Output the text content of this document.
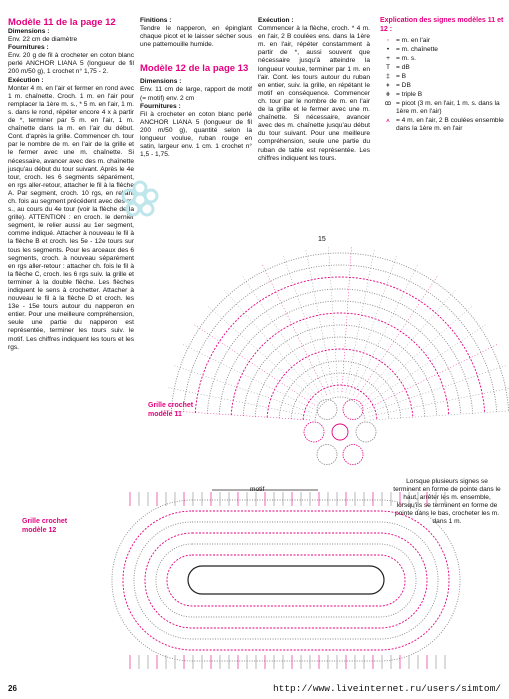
Modèle 11 de la page 12

Dimensions :

Env. 22 cm de diamètre

Fournitures :

Env. 20 g de fil à crocheter en coton blanc perlé ANCHOR LIANA 5 (longueur de fil 200 m/50 g), 1 crochet n° 1,75 - 2.

Exécution :

Monter 4 m. en l'air et fermer en rond avec 1 m. chaînette. Croch. 1 m. en l'air pour remplacer la 1ère m. s., * 5 m. en l'air, 1 m. s. dans le rond, répéter encore 4 x à partir de *, terminer par 5 m. en l'air, 1 m. chaînette dans la m. en l'air du début. Cont. d'après la grille. Commencer ch. tour par le nombre de m. en l'air de la grille et le fermer avec une m. chaînette. Si nécessaire, avancer avec des m. chaînette jusqu'au début du tour suivant. Après le 4e tour, croch. les 6 segments séparément, en rgs aller-retour, attacher le fil à la flèche A. Par segment, croch. 10 rgs, en reliant ch. fois au segment précédent avec des m. s., au cours du 4e tour (voir la flèche de la grille). ATTENTION : en croch. le dernier segment, le relier aussi au 1er segment, comme indiqué. Attacher à nouveau le fil à la flèche B et croch. les 5e - 12e tours sur tous les segments. Pour les arceaux des 6 segments, croch. à nouveau séparément en rgs aller-retour : attacher ch. fois le fil à la flèche C, croch. les 6 rgs suiv. la grille et terminer à la double flèche. Les flèches indiquent le sens à crochetter. Attacher à nouveau le fil à la flèche D et croch. les 13e - 15e tours autour du napperon en entier. Pour une meilleure compréhension, seule une partie du napperon est représentée, terminer les tours suiv. le motif. Les chiffres indiquent les tours et les rgs.

Finitions :

Tendre le napperon, en épinglant chaque picot et le laisser sécher sous une pattemouille humide.

Modèle 12 de la page 13

Dimensions :

Env. 11 cm de large, rapport de motif (= motif) env. 2 cm

Fournitures :

Fil à crocheter en coton blanc perlé ANCHOR LIANA 5 (longueur de fil 200 m/50 g), quantité selon la longueur voulue, ruban rouge en satin, largeur env. 1 cm. 1 crochet n° 1,5 - 1,75.

Exécution :

Commencer à la flèche, croch. * 4 m. en l'air, 2 B coulées ens. dans la 1ère m. en l'air, répéter constamment à partir de *, aussi souvent que nécessaire jusqu'à atteindre la longueur voulue, terminer par 1 m. en l'air. Cont. les tours autour du ruban en entier, suiv. la grille, en répétant le motif en conséquence. Commencer ch. tour par le nombre de m. en l'air de la grille et le fermer avec une m. chaînette. Si nécessaire, avancer avec des m. chaînette jusqu'au début du tour suivant. Pour une meilleure compréhension, seule une partie du ruban de table est représentée. Les chiffres indiquent les tours.

Explication des signes modèles 11 et 12 :
◦	= m. en l'air
•	= m. chaînette
+ = m. s.
T = dB
‡ = B
⧧ = DB
⧺ = triple B
ꝏ = picot (3 m. en l'air, 1 m. s. dans la 1ère m. en l'air)
⩚ = 4 m. en l'air, 2 B coulées ensemble dans la 1ère m. en l'air
Grille crochet modèle 11
Lorsque plusieurs signes se terminent en forme de pointe dans le haut, arrêter les m. ensemble, lorsqu'ils se terminent en forme de pointe dans le bas, crocheter les m. dans 1 m.
Grille crochet modèle 12
motif
15
26	http://www.liveinternet.ru/users/simtom/
